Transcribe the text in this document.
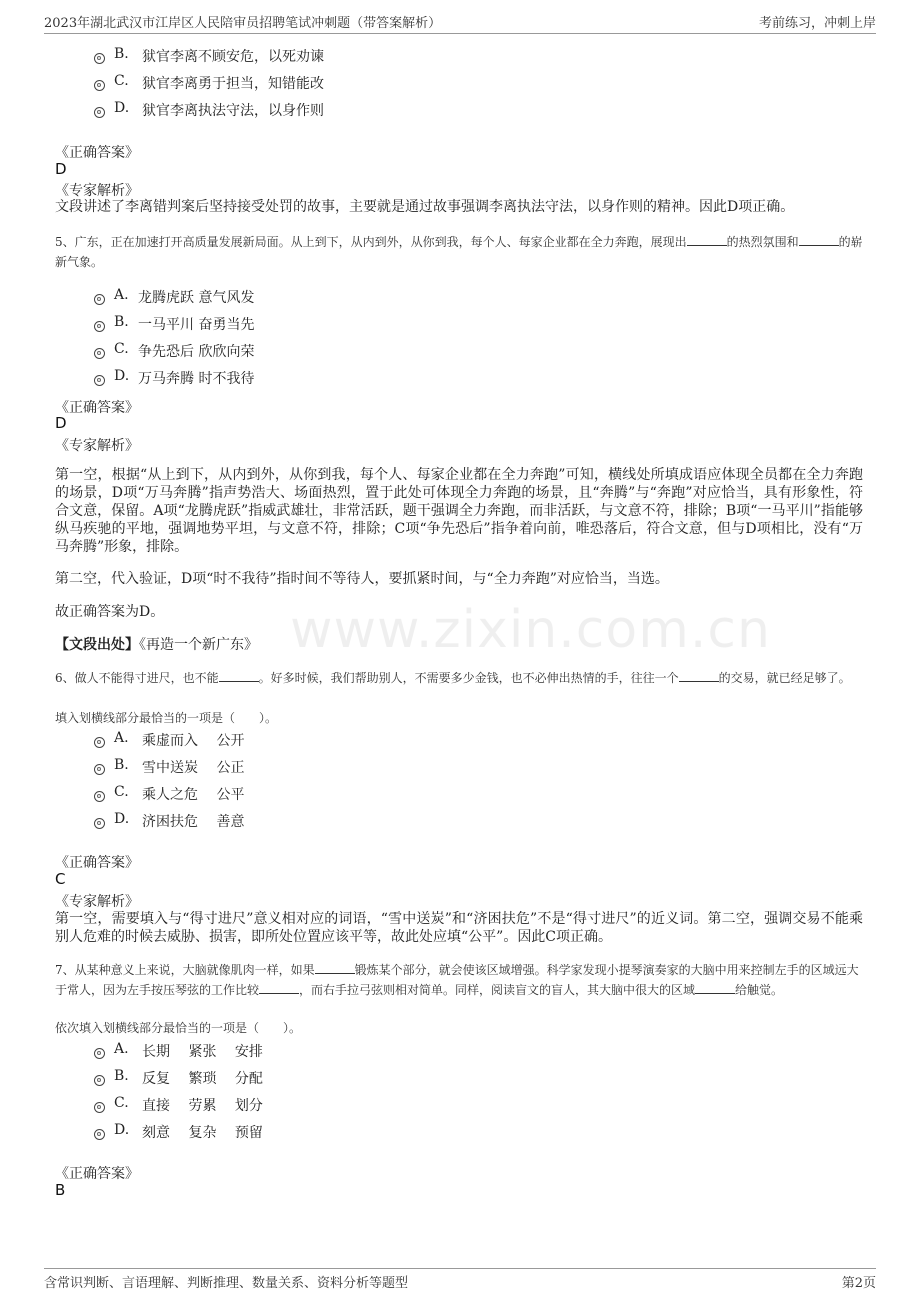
2023年湖北武汉市江岸区人民陪审员招聘笔试冲刺题（带答案解析）	考前练习，冲刺上岸
www.zixin.com.cn
B. 狱官李离不顾安危，以死劝谏
C. 狱官李离勇于担当，知错能改
D. 狱官李离执法守法，以身作则
《正确答案》
D
《专家解析》
文段讲述了李离错判案后坚持接受处罚的故事，主要就是通过故事强调李离执法守法，以身作则的精神。因此D项正确。
5、广东，正在加速打开高质量发展新局面。从上到下，从内到外，从你到我，每个人、每家企业都在全力奔跑，展现出	的热烈氛围和	的崭新气象。
A. 龙腾虎跃 意气风发
B. 一马平川 奋勇当先
C. 争先恐后 欣欣向荣
D. 万马奔腾 时不我待
《正确答案》
D
《专家解析》
第一空，根据“从上到下，从内到外，从你到我，每个人、每家企业都在全力奔跑”可知，横线处所填成语应体现全员都在全力奔跑的场景，D项“万马奔腾”指声势浩大、场面热烈，置于此处可体现全力奔跑的场景，且“奔腾”与“奔跑”对应恰当，具有形象性，符合文意，保留。A项“龙腾虎跃”指威武雄壮，非常活跃，题干强调全力奔跑，而非活跃，与文意不符，排除；B项“一马平川”指能够纵马疾驰的平地，强调地势平坦，与文意不符，排除；C项“争先恐后”指争着向前，唯恐落后，符合文意，但与D项相比，没有“万马奔腾”形象，排除。
第二空，代入验证，D项“时不我待”指时间不等待人，要抓紧时间，与“全力奔跑”对应恰当，当选。
故正确答案为D。
【文段出处】《再造一个新广东》
6、做人不能得寸进尺，也不能	。好多时候，我们帮助别人，不需要多少金钱，也不必伸出热情的手，往往一个	的交易，就已经足够了。
填入划横线部分最恰当的一项是（　　）。
A. 乘虚而入　 公开
B. 雪中送炭　 公正
C. 乘人之危　 公平
D. 济困扶危　 善意
《正确答案》
C
《专家解析》
第一空，需要填入与“得寸进尺”意义相对应的词语，“雪中送炭”和“济困扶危”不是“得寸进尺”的近义词。第二空，强调交易不能乘别人危难的时候去威胁、损害，即所处位置应该平等，故此处应填“公平”。因此C项正确。
7、从某种意义上来说，大脑就像肌肉一样，如果	锻炼某个部分，就会使该区域增强。科学家发现小提琴演奏家的大脑中用来控制左手的区域远大于常人，因为左手按压琴弦的工作比较	，而右手拉弓弦则相对简单。同样，阅读盲文的盲人，其大脑中很大的区域	给触觉。
依次填入划横线部分最恰当的一项是（　　）。
A. 长期　 紧张　 安排
B. 反复　 繁琐　 分配
C. 直接　 劳累　 划分
D. 刻意　 复杂　 预留
《正确答案》
B
含常识判断、言语理解、判断推理、数量关系、资料分析等题型	第2页
